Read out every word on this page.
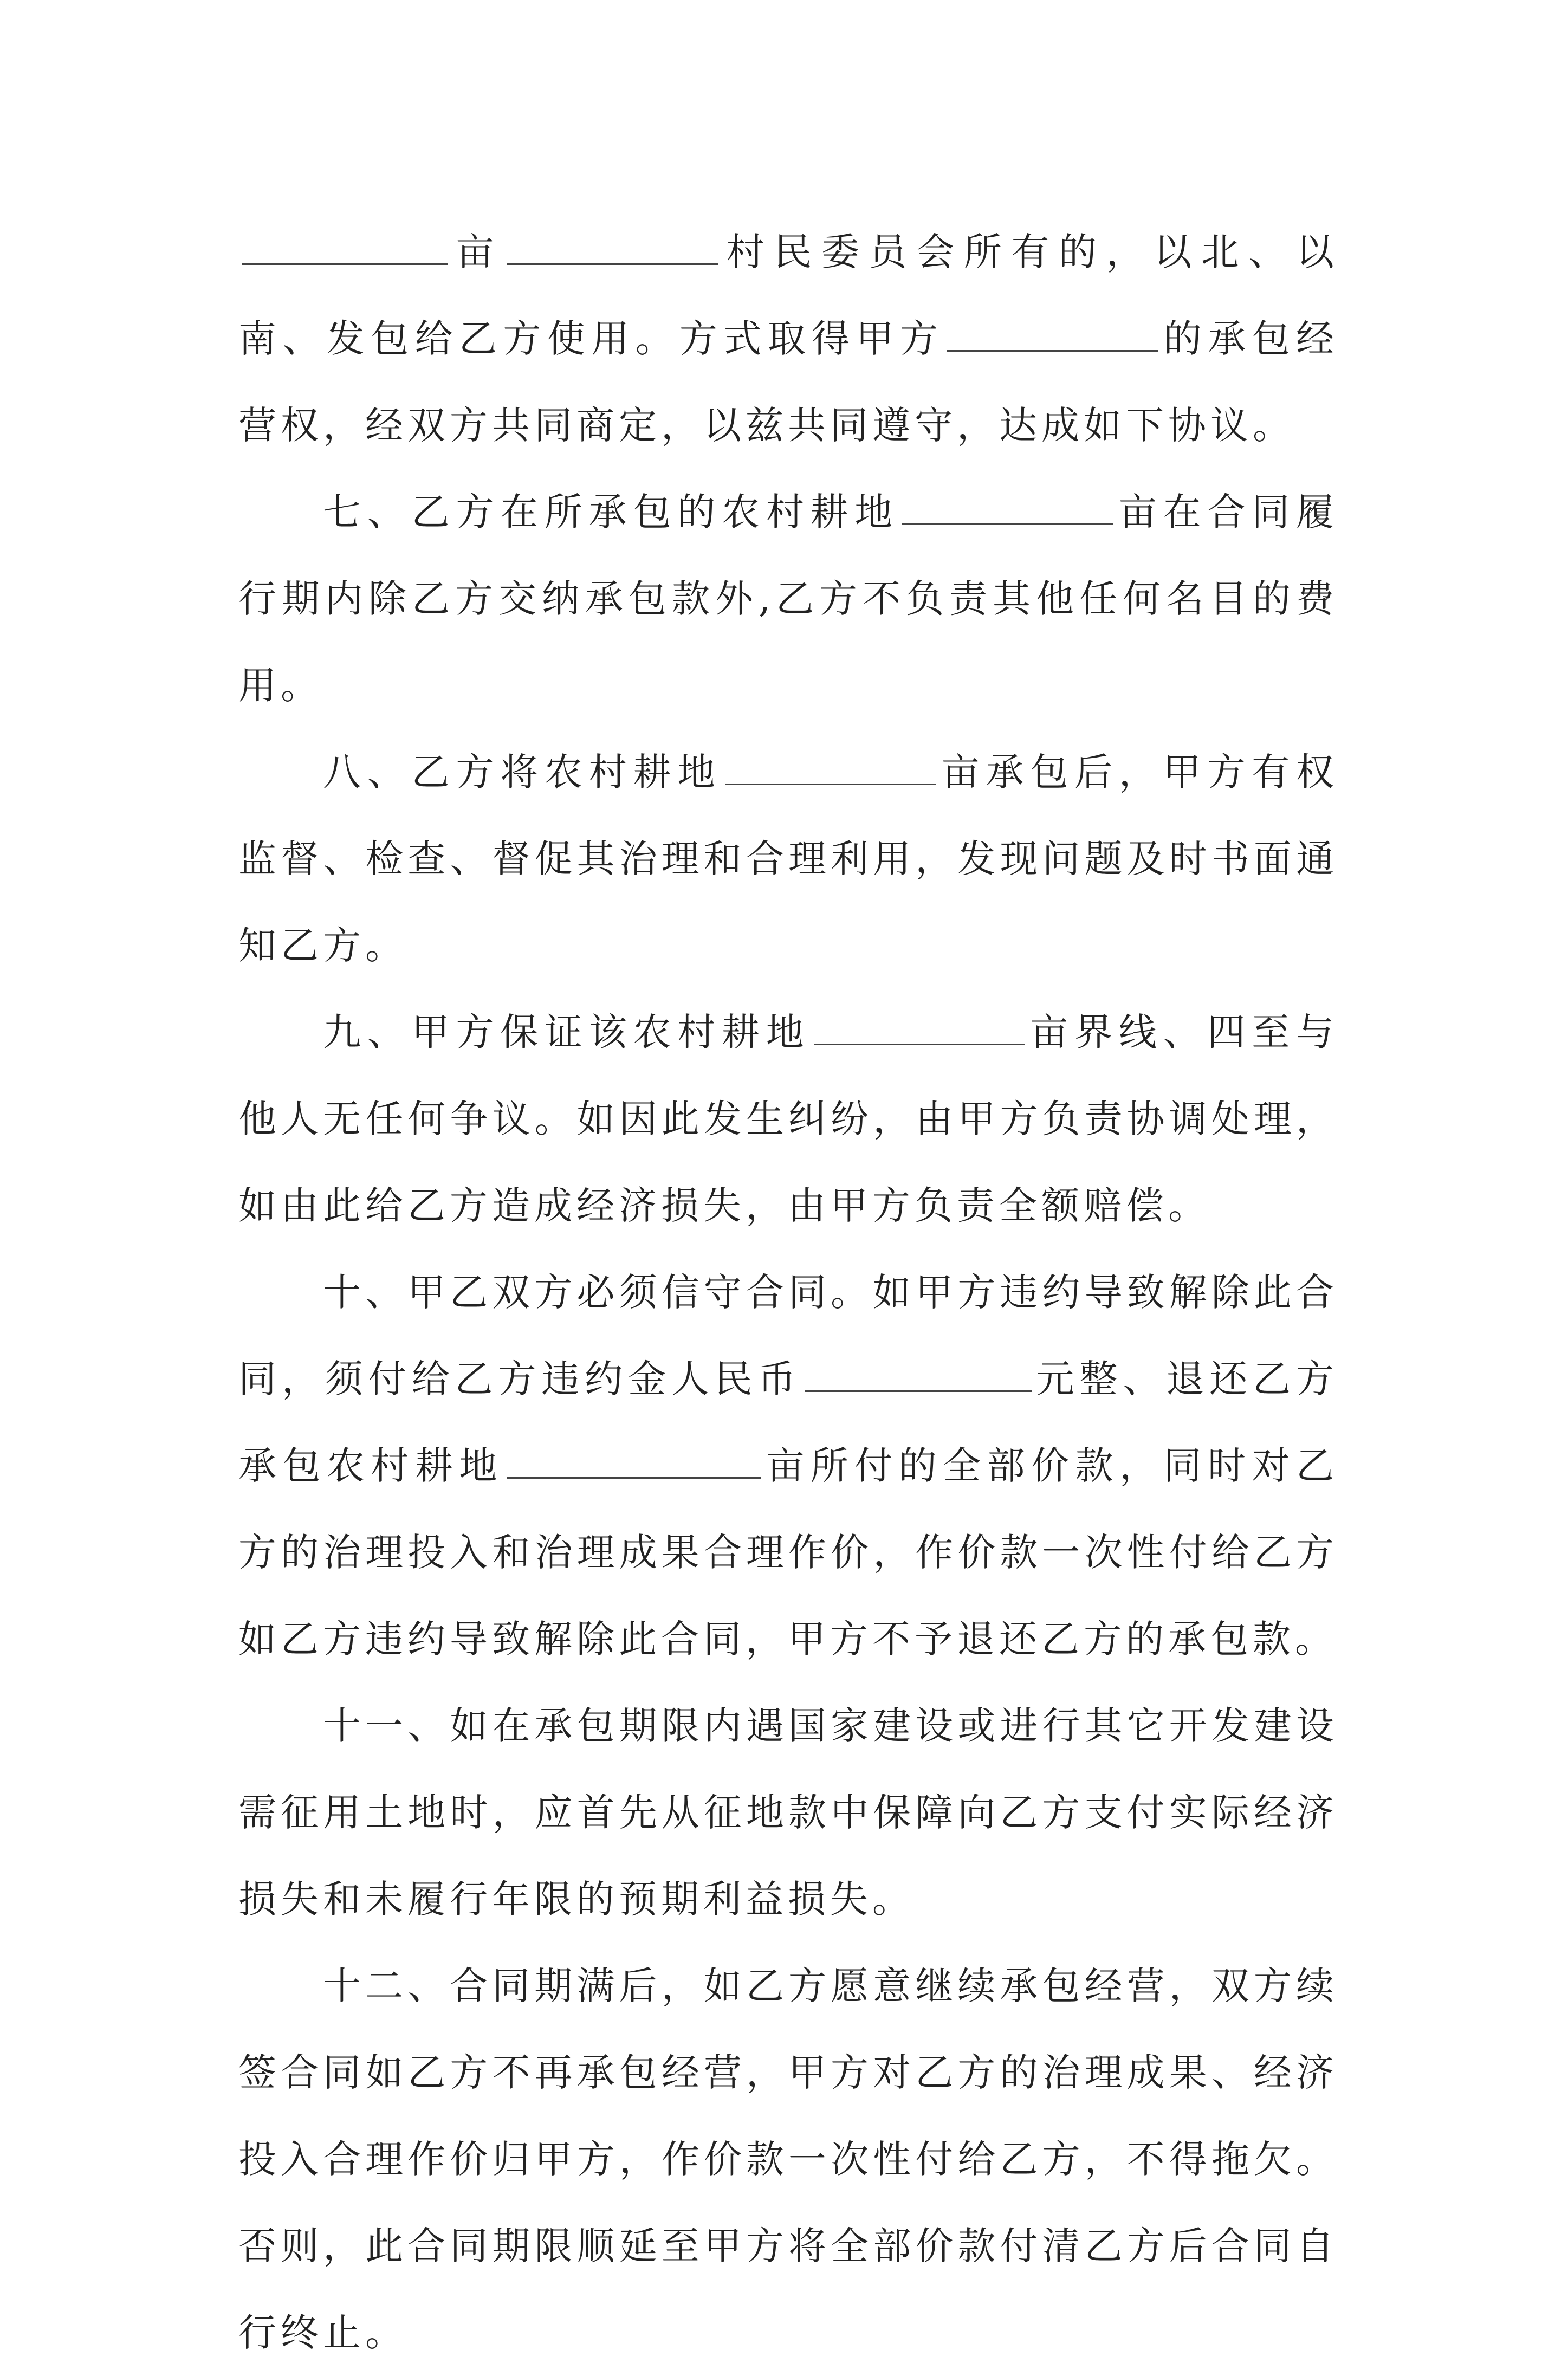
亩	村民委员会所有的，以北、以南、发包给乙方使用。方式取得甲方	的承包经营权，经双方共同商定，以兹共同遵守，达成如下协议。

七、乙方在所承包的农村耕地	亩在合同履行期内除乙方交纳承包款外,乙方不负责其他任何名目的费用。

八、乙方将农村耕地	亩承包后，甲方有权监督、检查、督促其治理和合理利用，发现问题及时书面通知乙方。

九、甲方保证该农村耕地	亩界线、四至与他人无任何争议。如因此发生纠纷，由甲方负责协调处理，如由此给乙方造成经济损失，由甲方负责全额赔偿。

十、甲乙双方必须信守合同。如甲方违约导致解除此合同，须付给乙方违约金人民币	元整、退还乙方承包农村耕地	亩所付的全部价款，同时对乙方的治理投入和治理成果合理作价，作价款一次性付给乙方如乙方违约导致解除此合同，甲方不予退还乙方的承包款。

十一、如在承包期限内遇国家建设或进行其它开发建设需征用土地时，应首先从征地款中保障向乙方支付实际经济损失和未履行年限的预期利益损失。

十二、合同期满后，如乙方愿意继续承包经营，双方续签合同如乙方不再承包经营，甲方对乙方的治理成果、经济投入合理作价归甲方，作价款一次性付给乙方，不得拖欠。否则，此合同期限顺延至甲方将全部价款付清乙方后合同自行终止。
